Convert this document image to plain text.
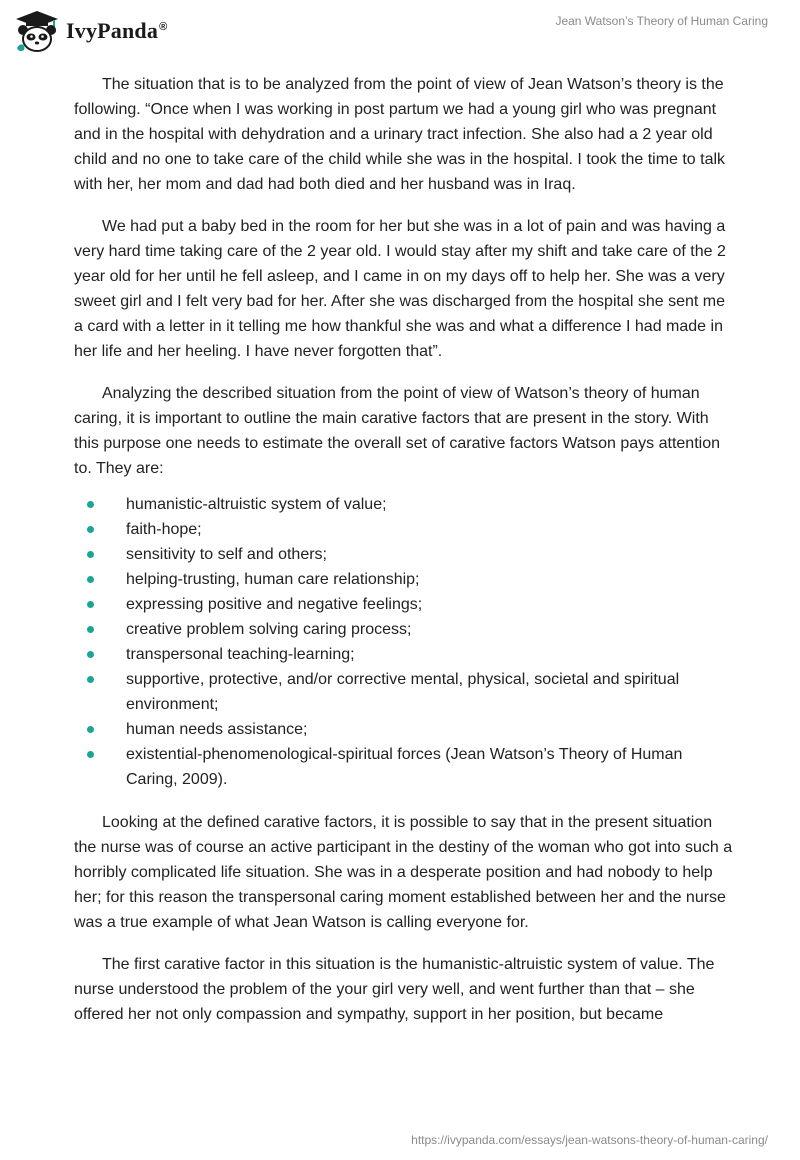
IvyPanda®	Jean Watson’s Theory of Human Caring

The situation that is to be analyzed from the point of view of Jean Watson’s theory is the following. “Once when I was working in post partum we had a young girl who was pregnant and in the hospital with dehydration and a urinary tract infection. She also had a 2 year old child and no one to take care of the child while she was in the hospital. I took the time to talk with her, her mom and dad had both died and her husband was in Iraq.

We had put a baby bed in the room for her but she was in a lot of pain and was having a very hard time taking care of the 2 year old. I would stay after my shift and take care of the 2 year old for her until he fell asleep, and I came in on my days off to help her. She was a very sweet girl and I felt very bad for her. After she was discharged from the hospital she sent me a card with a letter in it telling me how thankful she was and what a difference I had made in her life and her heeling. I have never forgotten that”.

Analyzing the described situation from the point of view of Watson’s theory of human caring, it is important to outline the main carative factors that are present in the story. With this purpose one needs to estimate the overall set of carative factors Watson pays attention to. They are:

humanistic-altruistic system of value;
faith-hope;
sensitivity to self and others;
helping-trusting, human care relationship;
expressing positive and negative feelings;
creative problem solving caring process;
transpersonal teaching-learning;
supportive, protective, and/or corrective mental, physical, societal and spiritual environment;
human needs assistance;
existential-phenomenological-spiritual forces (Jean Watson’s Theory of Human Caring, 2009).

Looking at the defined carative factors, it is possible to say that in the present situation the nurse was of course an active participant in the destiny of the woman who got into such a horribly complicated life situation. She was in a desperate position and had nobody to help her; for this reason the transpersonal caring moment established between her and the nurse was a true example of what Jean Watson is calling everyone for.

The first carative factor in this situation is the humanistic-altruistic system of value. The nurse understood the problem of the your girl very well, and went further than that – she offered her not only compassion and sympathy, support in her position, but became

https://ivypanda.com/essays/jean-watsons-theory-of-human-caring/
